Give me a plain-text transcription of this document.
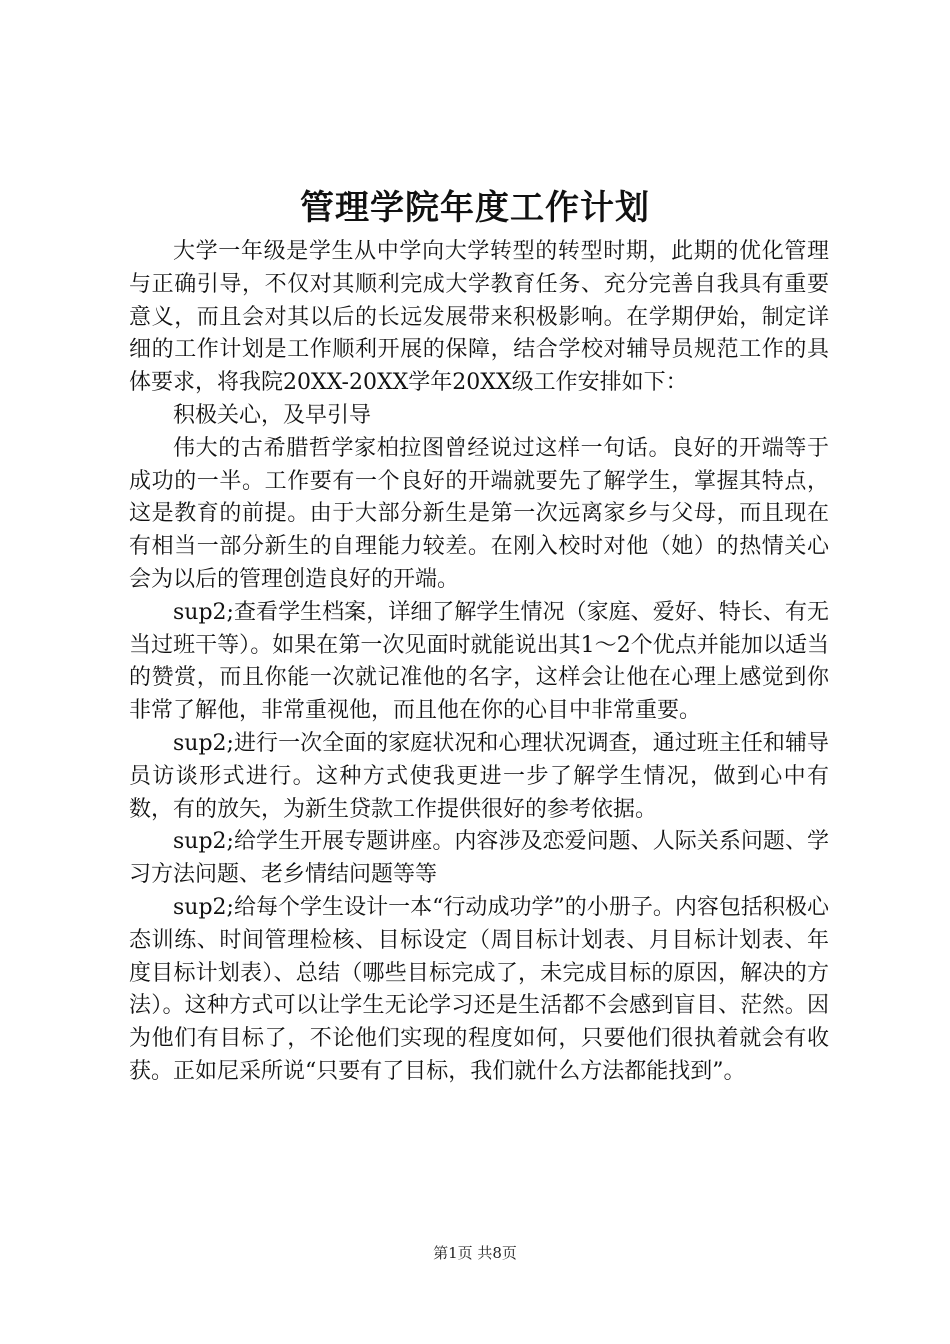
管理学院年度工作计划

大学一年级是学生从中学向大学转型的转型时期，此期的优化管理与正确引导，不仅对其顺利完成大学教育任务、充分完善自我具有重要意义，而且会对其以后的长远发展带来积极影响。在学期伊始，制定详细的工作计划是工作顺利开展的保障，结合学校对辅导员规范工作的具体要求，将我院20XX-20XX学年20XX级工作安排如下：

积极关心，及早引导

伟大的古希腊哲学家柏拉图曾经说过这样一句话。良好的开端等于成功的一半。工作要有一个良好的开端就要先了解学生，掌握其特点，这是教育的前提。由于大部分新生是第一次远离家乡与父母，而且现在有相当一部分新生的自理能力较差。在刚入校时对他（她）的热情关心会为以后的管理创造良好的开端。

sup2;查看学生档案，详细了解学生情况（家庭、爱好、特长、有无当过班干等）。如果在第一次见面时就能说出其1～2个优点并能加以适当的赞赏，而且你能一次就记准他的名字，这样会让他在心理上感觉到你非常了解他，非常重视他，而且他在你的心目中非常重要。

sup2;进行一次全面的家庭状况和心理状况调查，通过班主任和辅导员访谈形式进行。这种方式使我更进一步了解学生情况，做到心中有数，有的放矢，为新生贷款工作提供很好的参考依据。

sup2;给学生开展专题讲座。内容涉及恋爱问题、人际关系问题、学习方法问题、老乡情结问题等等

sup2;给每个学生设计一本“行动成功学”的小册子。内容包括积极心态训练、时间管理检核、目标设定（周目标计划表、月目标计划表、年度目标计划表）、总结（哪些目标完成了，未完成目标的原因，解决的方法）。这种方式可以让学生无论学习还是生活都不会感到盲目、茫然。因为他们有目标了，不论他们实现的程度如何，只要他们很执着就会有收获。正如尼采所说“只要有了目标，我们就什么方法都能找到”。

第1页 共8页
